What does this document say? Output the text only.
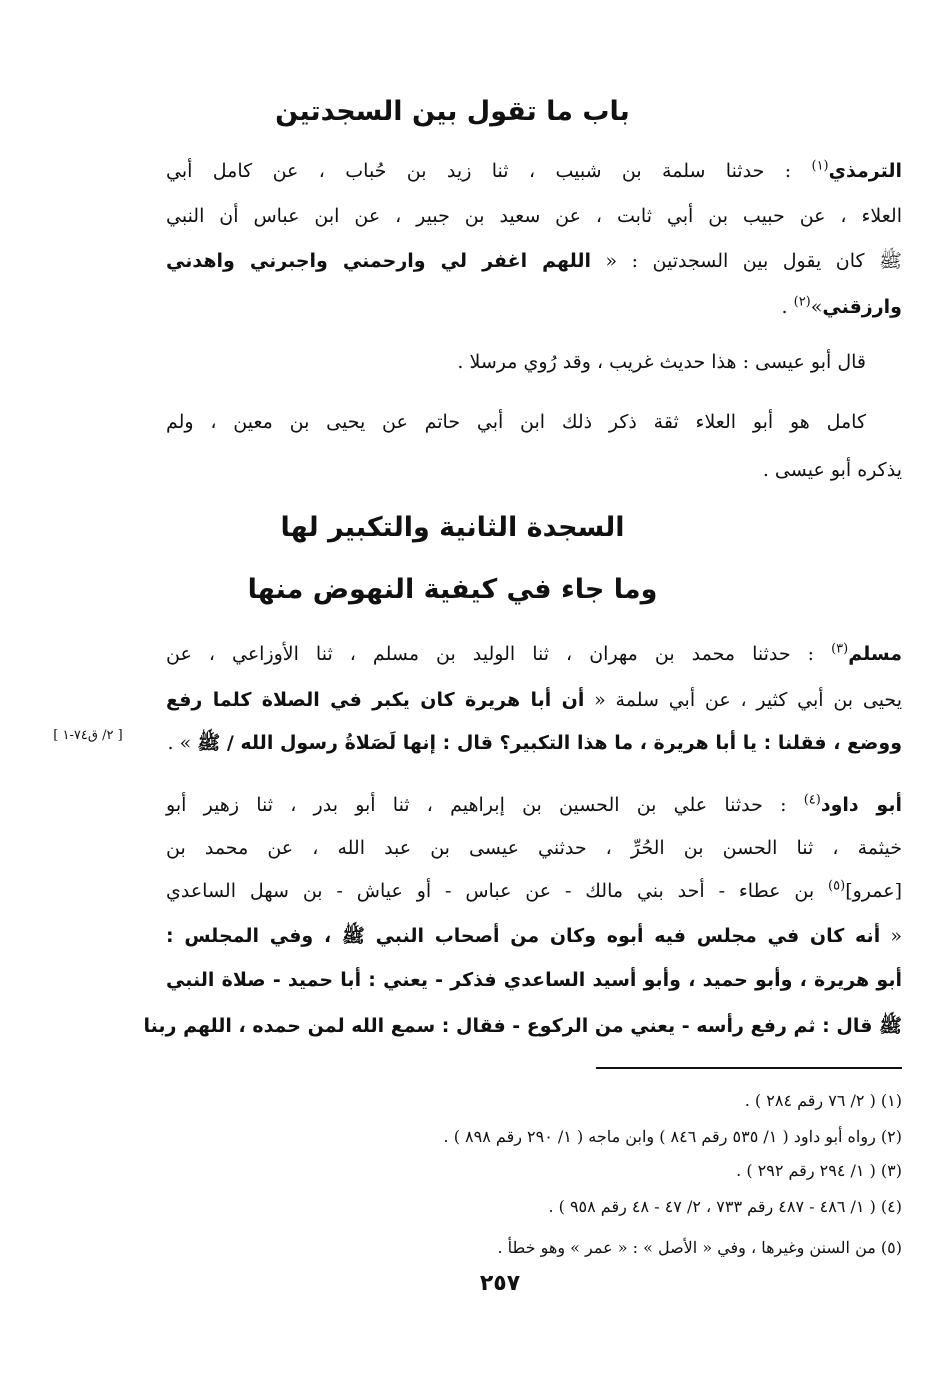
باب ما تقول بين السجدتين
الترمذي$^{(١)}$ : حدثنا سلمة بن شبيب ، ثنا زيد بن حُباب ، عن كامل أبي
العلاء ، عن حبيب بن أبي ثابت ، عن سعيد بن جبير ، عن ابن عباس أن النبي
ﷺ كان يقول بين السجدتين : « اللهم اغفر لي وارحمني واجبرني واهدني
وارزقني»$^{(٢)}$ .
قال أبو عيسى : هذا حديث غريب ، وقد رُوي مرسلا .
كامل هو أبو العلاء ثقة ذكر ذلك ابن أبي حاتم عن يحيى بن معين ، ولم
يذكره أبو عيسى .
السجدة الثانية والتكبير لها
وما جاء في كيفية النهوض منها
مسلم$^{(٣)}$ : حدثنا محمد بن مهران ، ثنا الوليد بن مسلم ، ثنا الأوزاعي ، عن
يحيى بن أبي كثير ، عن أبي سلمة « أن أبا هريرة كان يكبر في الصلاة كلما رفع
ووضع ، فقلنا : يا أبا هريرة ، ما هذا التكبير؟ قال : إنها لَصَلاةُ رسول الله / ﷺ » .
[ ٢/ ق٧٤-١ ]
أبو داود$^{(٤)}$ : حدثنا علي بن الحسين بن إبراهيم ، ثنا أبو بدر ، ثنا زهير أبو
خيثمة ، ثنا الحسن بن الحُرِّ ، حدثني عيسى بن عبد الله ، عن محمد بن
[عمرو]$^{(٥)}$ بن عطاء - أحد بني مالك - عن عباس - أو عياش - بن سهل الساعدي
« أنه كان في مجلس فيه أبوه وكان من أصحاب النبي ﷺ ، وفي المجلس :
أبو هريرة ، وأبو حميد ، وأبو أسيد الساعدي فذكر - يعني : أبا حميد - صلاة النبي
ﷺ قال : ثم رفع رأسه - يعني من الركوع - فقال : سمع الله لمن حمده ، اللهم ربنا
(١) ( ٢/ ٧٦ رقم ٢٨٤ ) .
(٢) رواه أبو داود ( ١/ ٥٣٥ رقم ٨٤٦ ) وابن ماجه ( ١/ ٢٩٠ رقم ٨٩٨ ) .
(٣) ( ١/ ٢٩٤ رقم ٢٩٢ ) .
(٤) ( ١/ ٤٨٦ - ٤٨٧ رقم ٧٣٣ ، ٢/ ٤٧ - ٤٨ رقم ٩٥٨ ) .
(٥) من السنن وغيرها ، وفي « الأصل » : « عمر » وهو خطأ .
٢٥٧
